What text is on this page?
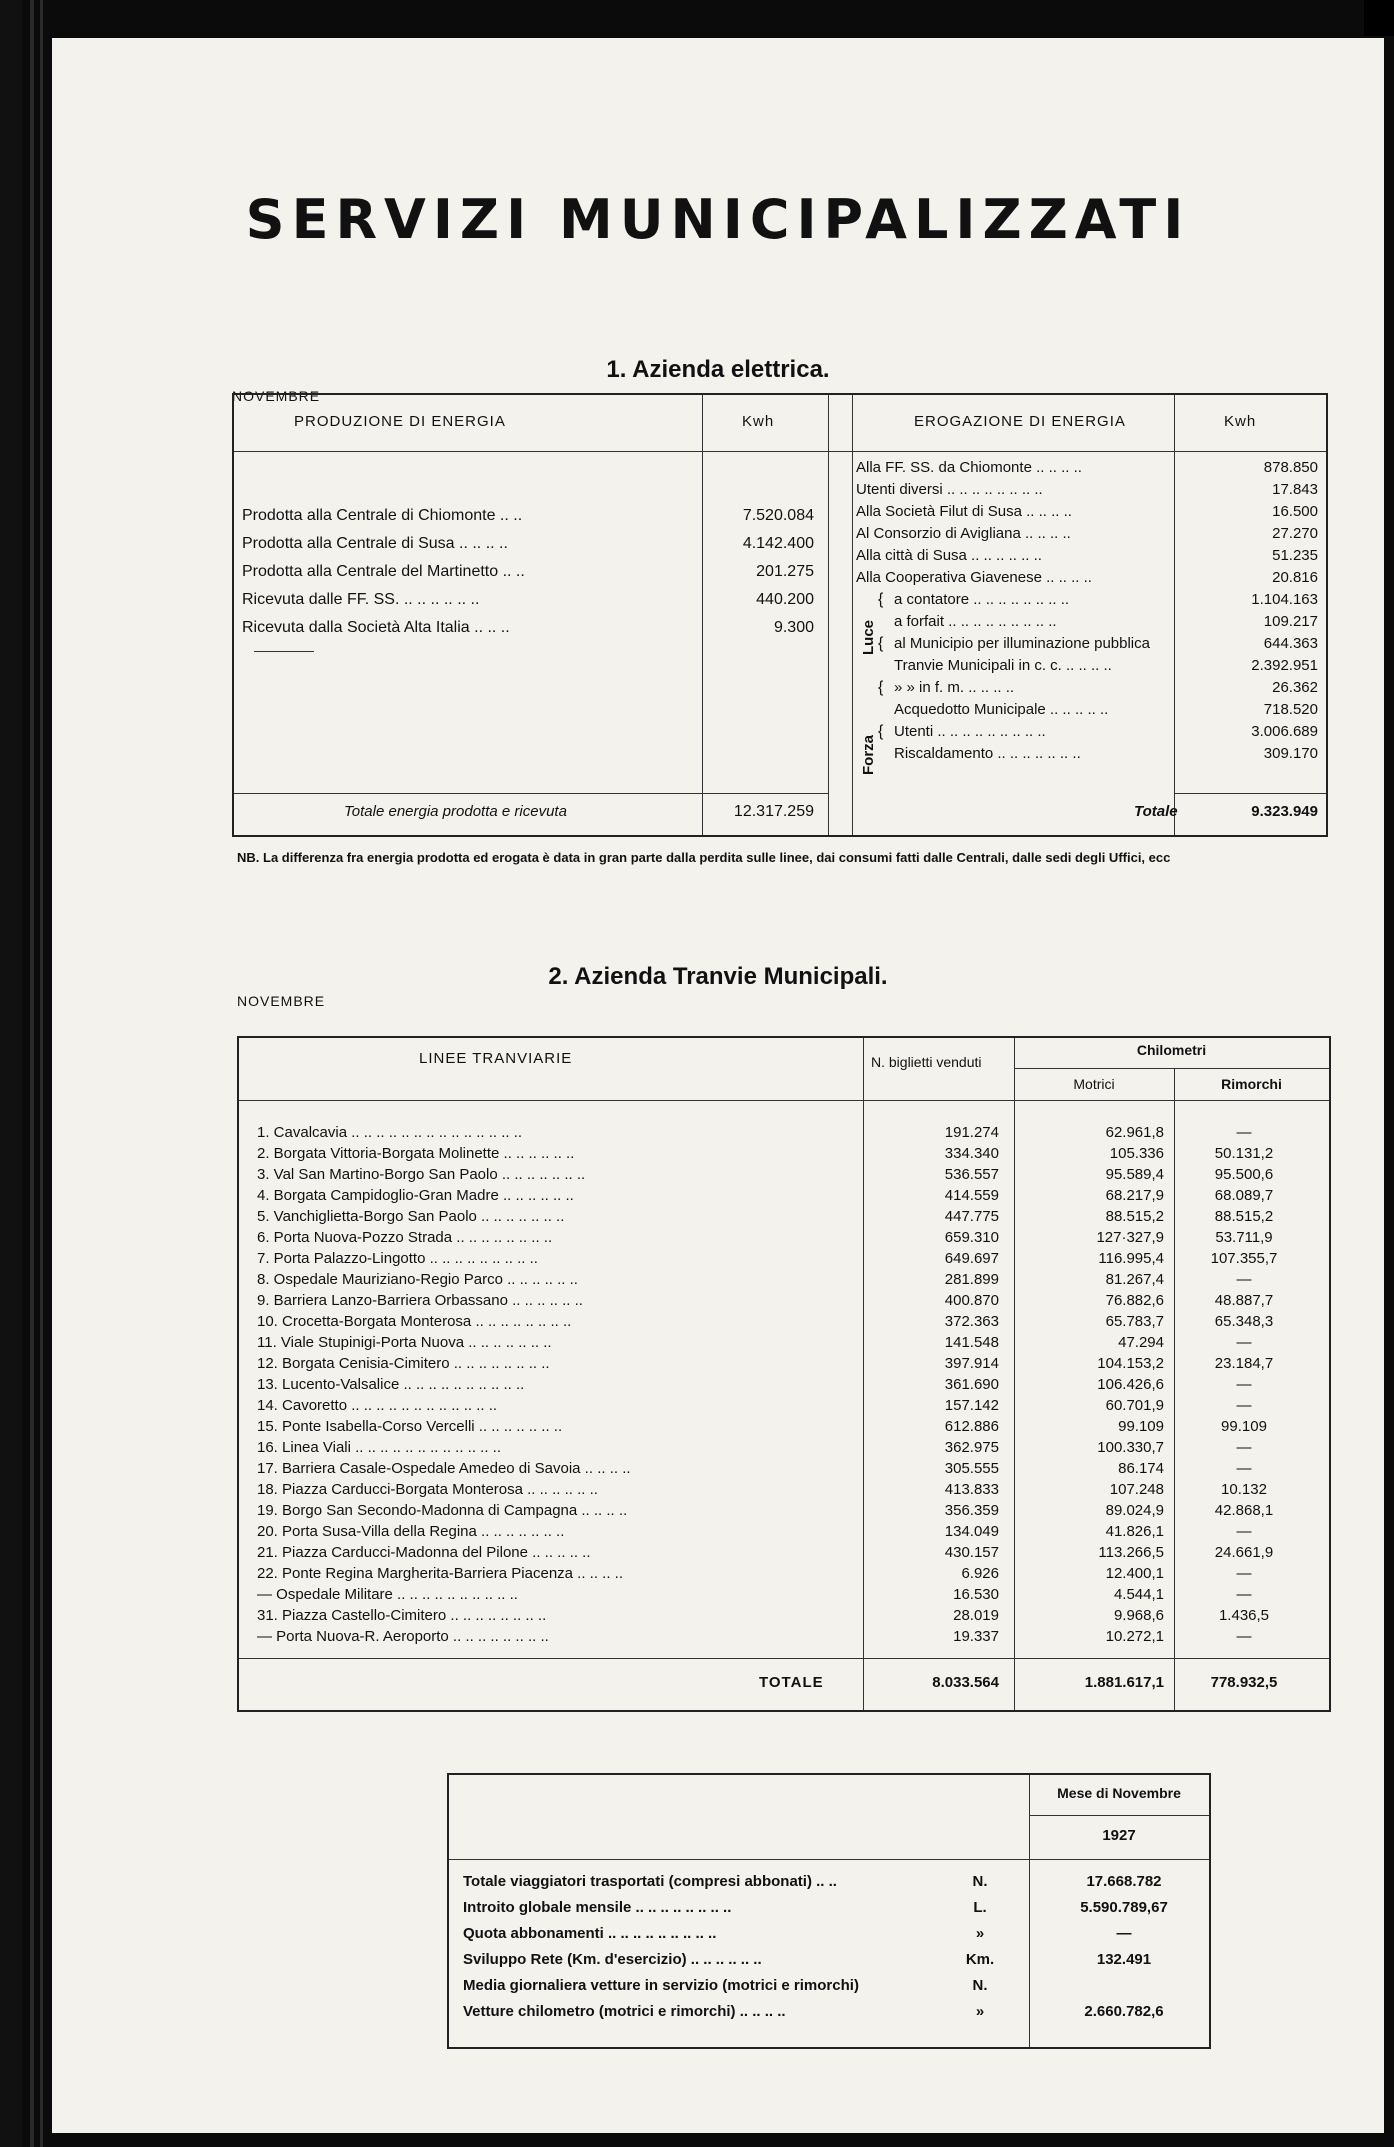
SERVIZI MUNICIPALIZZATI
1. Azienda elettrica.
NOVEMBRE
PRODUZIONE DI ENERGIA	Kwh	EROGAZIONE DI ENERGIA	Kwh
Prodotta alla Centrale di Chiomonte .. ..	7.520.084
Prodotta alla Centrale di Susa .. .. .. ..	4.142.400
Prodotta alla Centrale del Martinetto .. ..	201.275
Ricevuta dalle FF. SS. .. .. .. .. .. ..	440.200
Ricevuta dalla Società Alta Italia .. .. ..	9.300
Totale energia prodotta e ricevuta	12.317.259
Alla FF. SS. da Chiomonte .. .. .. ..	878.850
Utenti diversi .. .. .. .. .. .. .. ..	17.843
Alla Società Filut di Susa .. .. .. ..	16.500
Al Consorzio di Avigliana .. .. .. ..	27.270
Alla città di Susa .. .. .. .. .. ..	51.235
Alla Cooperativa Giavenese .. .. .. ..	20.816
Luce
{ a contatore .. .. .. .. .. .. .. ..	1.104.163
a forfait .. .. .. .. .. .. .. .. ..	109.217
{ al Municipio per illuminazione pubblica	644.363
Tranvie Municipali in c. c. .. .. .. ..	2.392.951
Forza
{ » » in f. m. .. .. .. ..	26.362
Acquedotto Municipale .. .. .. .. ..	718.520
{ Utenti .. .. .. .. .. .. .. .. ..	3.006.689
Riscaldamento .. .. .. .. .. .. ..	309.170
Totale	9.323.949
NB. La differenza fra energia prodotta ed erogata è data in gran parte dalla perdita sulle linee, dai consumi fatti dalle Centrali, dalle sedi degli Uffici, ecc
2. Azienda Tranvie Municipali.
NOVEMBRE
LINEE TRANVIARIE	N. biglietti venduti
Chilometri
Motrici	Rimorchi
1. Cavalcavia .. .. .. .. .. .. .. .. .. .. .. .. .. ..	191.274	62.961,8	—
2. Borgata Vittoria-Borgata Molinette .. .. .. .. .. ..	334.340	105.336	50.131,2
3. Val San Martino-Borgo San Paolo .. .. .. .. .. .. ..	536.557	95.589,4	95.500,6
4. Borgata Campidoglio-Gran Madre .. .. .. .. .. ..	414.559	68.217,9	68.089,7
5. Vanchiglietta-Borgo San Paolo .. .. .. .. .. .. ..	447.775	88.515,2	88.515,2
6. Porta Nuova-Pozzo Strada .. .. .. .. .. .. .. ..	659.310	127·327,9	53.711,9
7. Porta Palazzo-Lingotto .. .. .. .. .. .. .. .. ..	649.697	116.995,4	107.355,7
8. Ospedale Mauriziano-Regio Parco .. .. .. .. .. ..	281.899	81.267,4	—
9. Barriera Lanzo-Barriera Orbassano .. .. .. .. .. ..	400.870	76.882,6	48.887,7
10. Crocetta-Borgata Monterosa .. .. .. .. .. .. .. ..	372.363	65.783,7	65.348,3
11. Viale Stupinigi-Porta Nuova .. .. .. .. .. .. ..	141.548	47.294	—
12. Borgata Cenisia-Cimitero .. .. .. .. .. .. .. ..	397.914	104.153,2	23.184,7
13. Lucento-Valsalice .. .. .. .. .. .. .. .. .. ..	361.690	106.426,6	—
14. Cavoretto .. .. .. .. .. .. .. .. .. .. .. ..	157.142	60.701,9	—
15. Ponte Isabella-Corso Vercelli .. .. .. .. .. .. ..	612.886	99.109	99.109
16. Linea Viali .. .. .. .. .. .. .. .. .. .. .. ..	362.975	100.330,7	—
17. Barriera Casale-Ospedale Amedeo di Savoia .. .. .. ..	305.555	86.174	—
18. Piazza Carducci-Borgata Monterosa .. .. .. .. .. ..	413.833	107.248	10.132
19. Borgo San Secondo-Madonna di Campagna .. .. .. ..	356.359	89.024,9	42.868,1
20. Porta Susa-Villa della Regina .. .. .. .. .. .. ..	134.049	41.826,1	—
21. Piazza Carducci-Madonna del Pilone .. .. .. .. ..	430.157	113.266,5	24.661,9
22. Ponte Regina Margherita-Barriera Piacenza .. .. .. ..	6.926	12.400,1	—
— Ospedale Militare .. .. .. .. .. .. .. .. .. ..	16.530	4.544,1	—
31. Piazza Castello-Cimitero .. .. .. .. .. .. .. ..	28.019	9.968,6	1.436,5
— Porta Nuova-R. Aeroporto .. .. .. .. .. .. .. ..	19.337	10.272,1	—
TOTALE	8.033.564	1.881.617,1	778.932,5
Mese di Novembre
1927
Totale viaggiatori trasportati (compresi abbonati) .. ..	N.	17.668.782
Introito globale mensile .. .. .. .. .. .. .. ..	L.	5.590.789,67
Quota abbonamenti .. .. .. .. .. .. .. .. ..	»	—
Sviluppo Rete (Km. d'esercizio) .. .. .. .. .. ..	Km.	132.491
Media giornaliera vetture in servizio (motrici e rimorchi)	N.
Vetture chilometro (motrici e rimorchi) .. .. .. ..	»	2.660.782,6
